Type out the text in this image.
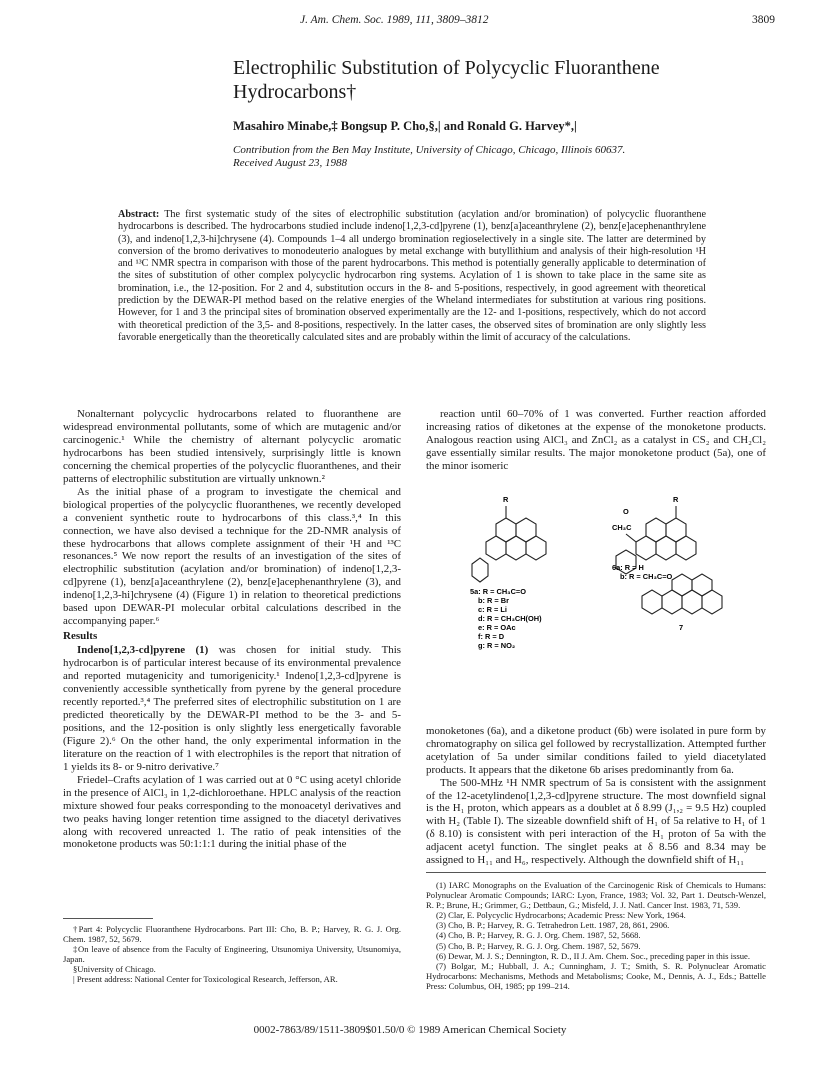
J. Am. Chem. Soc. 1989, 111, 3809–3812	3809
Electrophilic Substitution of Polycyclic Fluoranthene Hydrocarbons†
Masahiro Minabe,‡ Bongsup P. Cho,§,| and Ronald G. Harvey*,|
Contribution from the Ben May Institute, University of Chicago, Chicago, Illinois 60637.
Received August 23, 1988
Abstract: The first systematic study of the sites of electrophilic substitution (acylation and/or bromination) of polycyclic fluoranthene hydrocarbons is described. The hydrocarbons studied include indeno[1,2,3-cd]pyrene (1), benz[a]aceanthrylene (2), benz[e]acephenanthrylene (3), and indeno[1,2,3-hi]chrysene (4). Compounds 1–4 all undergo bromination regioselectively in a single site. The latter are determined by conversion of the bromo derivatives to monodeuterio analogues by metal exchange with butyllithium and analysis of their high-resolution ¹H and ¹³C NMR spectra in comparison with those of the parent hydrocarbons. This method is potentially generally applicable to determination of the sites of substitution of other complex polycyclic hydrocarbon ring systems. Acylation of 1 is shown to take place in the same site as bromination, i.e., the 12-position. For 2 and 4, substitution occurs in the 8- and 5-positions, respectively, in good agreement with theoretical prediction by the DEWAR-PI method based on the relative energies of the Wheland intermediates for substitution at various ring positions. However, for 1 and 3 the principal sites of bromination observed experimentally are the 12- and 1-positions, respectively, which do not accord with theoretical prediction of the 3,5- and 8-positions, respectively. In the latter cases, the observed sites of bromination are only slightly less favorable energetically than the theoretically calculated sites and are probably within the limit of accuracy of the calculations.

Nonalternant polycyclic hydrocarbons related to fluoranthene are widespread environmental pollutants, some of which are mutagenic and/or carcinogenic.¹ While the chemistry of alternant polycyclic aromatic hydrocarbons has been studied intensively, surprisingly little is known concerning the chemical properties of the polycyclic fluoranthenes, and their patterns of electrophilic substitution are virtually unknown.²

As the initial phase of a program to investigate the chemical and biological properties of the polycyclic fluoranthenes, we recently developed a convenient synthetic route to hydrocarbons of this class.³,⁴ In this connection, we have also devised a technique for the 2D-NMR analysis of these hydrocarbons that allows complete assignment of their ¹H and ¹³C resonances.⁵ We now report the results of an investigation of the sites of electrophilic substitution (acylation and/or bromination) of indeno[1,2,3-cd]pyrene (1), benz[a]aceanthrylene (2), benz[e]acephenanthrylene (3), and indeno[1,2,3-hi]chrysene (4) (Figure 1) in relation to theoretical predictions based upon DEWAR-PI molecular orbital calculations described in the accompanying paper.⁶

Results

Indeno[1,2,3-cd]pyrene (1) was chosen for initial study. This hydrocarbon is of particular interest because of its environmental prevalence and reported mutagenicity and tumorigenicity.¹ Indeno[1,2,3-cd]pyrene is conveniently accessible synthetically from pyrene by the general procedure recently reported.³,⁴ The preferred sites of electrophilic substitution on 1 are predicted theoretically by the DEWAR-PI method to be the 3- and 5-positions, and the 12-position is only slightly less energetically favorable (Figure 2).⁶ On the other hand, the only experimental information in the literature on the reaction of 1 with electrophiles is the report that nitration of 1 yields its 8- or 9-nitro derivative.⁷

Friedel–Crafts acylation of 1 was carried out at 0 °C using acetyl chloride in the presence of AlCl₃ in 1,2-dichloroethane. HPLC analysis of the reaction mixture showed four peaks corresponding to the monoacetyl derivatives and two peaks having longer retention time assigned to the diacetyl derivatives along with recovered unreacted 1. The ratio of peak intensities of the monoketone products was 50:1:1:1 during the initial phase of the

†Part 4: Polycyclic Fluoranthene Hydrocarbons. Part III: Cho, B. P.; Harvey, R. G. J. Org. Chem. 1987, 52, 5679.

‡On leave of absence from the Faculty of Engineering, Utsunomiya University, Utsunomiya, Japan.

§University of Chicago.

| Present address: National Center for Toxicological Research, Jefferson, AR.

reaction until 60–70% of 1 was converted. Further reaction afforded increasing ratios of diketones at the expense of the monoketone products. Analogous reaction using AlCl₃ and ZnCl₂ as a catalyst in CS₂ and CH₂Cl₂ gave essentially similar results. The major monoketone product (5a), one of the minor isomeric

monoketones (6a), and a diketone product (6b) were isolated in pure form by chromatography on silica gel followed by recrystallization. Attempted further acetylation of 5a under similar conditions failed to yield diacetylated products. It appears that the diketone 6b arises predominantly from 6a.

The 500-MHz ¹H NMR spectrum of 5a is consistent with the assignment of the 12-acetylindeno[1,2,3-cd]pyrene structure. The most downfield signal is the H₁ proton, which appears as a doublet at δ 8.99 (J₁,₂ = 9.5 Hz) coupled with H₂ (Table I). The sizeable downfield shift of H₁ of 5a relative to H₁ of 1 (δ 8.10) is consistent with peri interaction of the H₁ proton of 5a with the adjacent acetyl function. The singlet peaks at δ 8.56 and 8.34 may be assigned to H₁₁ and H₆, respectively. Although the downfield shift of H₁₁

R	R
O
CH₃C
5a: R = CH₃C=O
b: R = Br
c: R = Li
d: R = CH₃CH(OH)
e: R = OAc
f: R = D
g: R = NO₂
6a: R = H
b: R = CH₃C=O
7

(1) IARC Monographs on the Evaluation of the Carcinogenic Risk of Chemicals to Humans: Polynuclear Aromatic Compounds; IARC: Lyon, France, 1983; Vol. 32, Part 1. Deutsch-Wenzel, R. P.; Brune, H.; Grimmer, G.; Dettbaun, G.; Misfeld, J. J. Natl. Cancer Inst. 1983, 71, 539.

(2) Clar, E. Polycyclic Hydrocarbons; Academic Press: New York, 1964.

(3) Cho, B. P.; Harvey, R. G. Tetrahedron Lett. 1987, 28, 861, 2906.

(4) Cho, B. P.; Harvey, R. G. J. Org. Chem. 1987, 52, 5668.

(5) Cho, B. P.; Harvey, R. G. J. Org. Chem. 1987, 52, 5679.

(6) Dewar, M. J. S.; Dennington, R. D., II J. Am. Chem. Soc., preceding paper in this issue.

(7) Bolgar, M.; Hubball, J. A.; Cunningham, J. T.; Smith, S. R. Polynuclear Aromatic Hydrocarbons: Mechanisms, Methods and Metabolisms; Cooke, M., Dennis, A. J., Eds.; Battelle Press: Columbus, OH, 1985; pp 199–214.

0002-7863/89/1511-3809$01.50/0 © 1989 American Chemical Society
